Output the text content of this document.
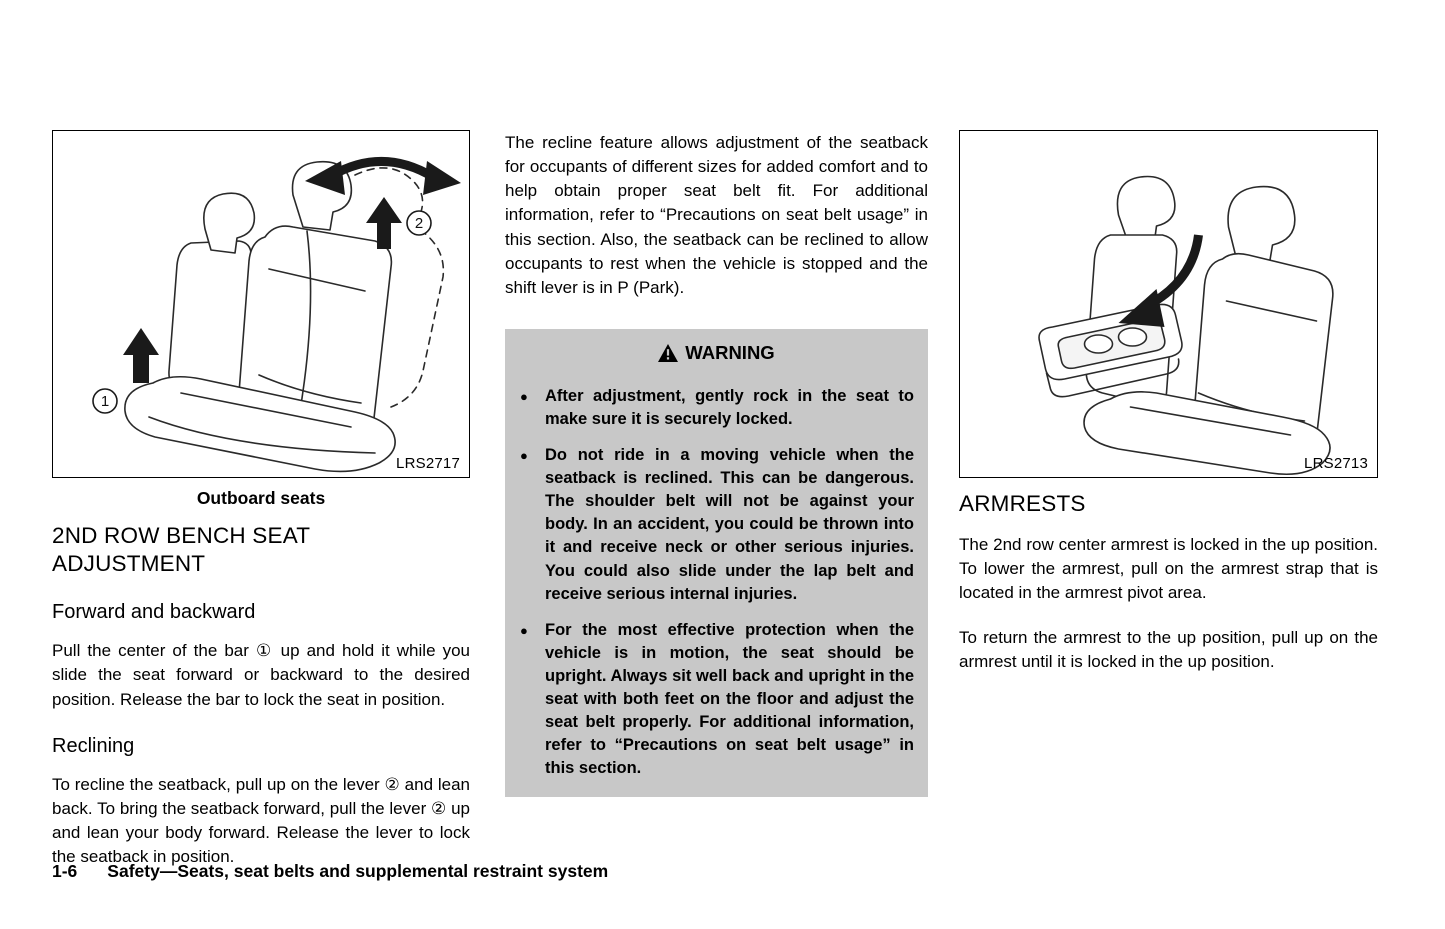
2
1
LRS2717
Outboard seats
2ND ROW BENCH SEAT ADJUSTMENT
Forward and backward

Pull the center of the bar ① up and hold it while you slide the seat forward or backward to the desired position. Release the bar to lock the seat in position.

Reclining

To recline the seatback, pull up on the lever ② and lean back. To bring the seatback forward, pull the lever ② up and lean your body forward. Release the lever to lock the seatback in position.

The recline feature allows adjustment of the seatback for occupants of different sizes for added comfort and to help obtain proper seat belt fit. For additional information, refer to “Precautions on seat belt usage” in this section. Also, the seatback can be reclined to allow occupants to rest when the vehicle is stopped and the shift lever is in P (Park).

WARNING
● After adjustment, gently rock in the seat to make sure it is securely locked.
● Do not ride in a moving vehicle when the seatback is reclined. This can be dangerous. The shoulder belt will not be against your body. In an accident, you could be thrown into it and receive neck or other serious injuries. You could also slide under the lap belt and receive serious internal injuries.
● For the most effective protection when the vehicle is in motion, the seat should be upright. Always sit well back and upright in the seat with both feet on the floor and adjust the seat belt properly. For additional information, refer to “Precautions on seat belt usage” in this section.
LRS2713
ARMRESTS

The 2nd row center armrest is locked in the up position. To lower the armrest, pull on the armrest strap that is located in the armrest pivot area.

To return the armrest to the up position, pull up on the armrest until it is locked in the up position.

1-6 Safety—Seats, seat belts and supplemental restraint system
